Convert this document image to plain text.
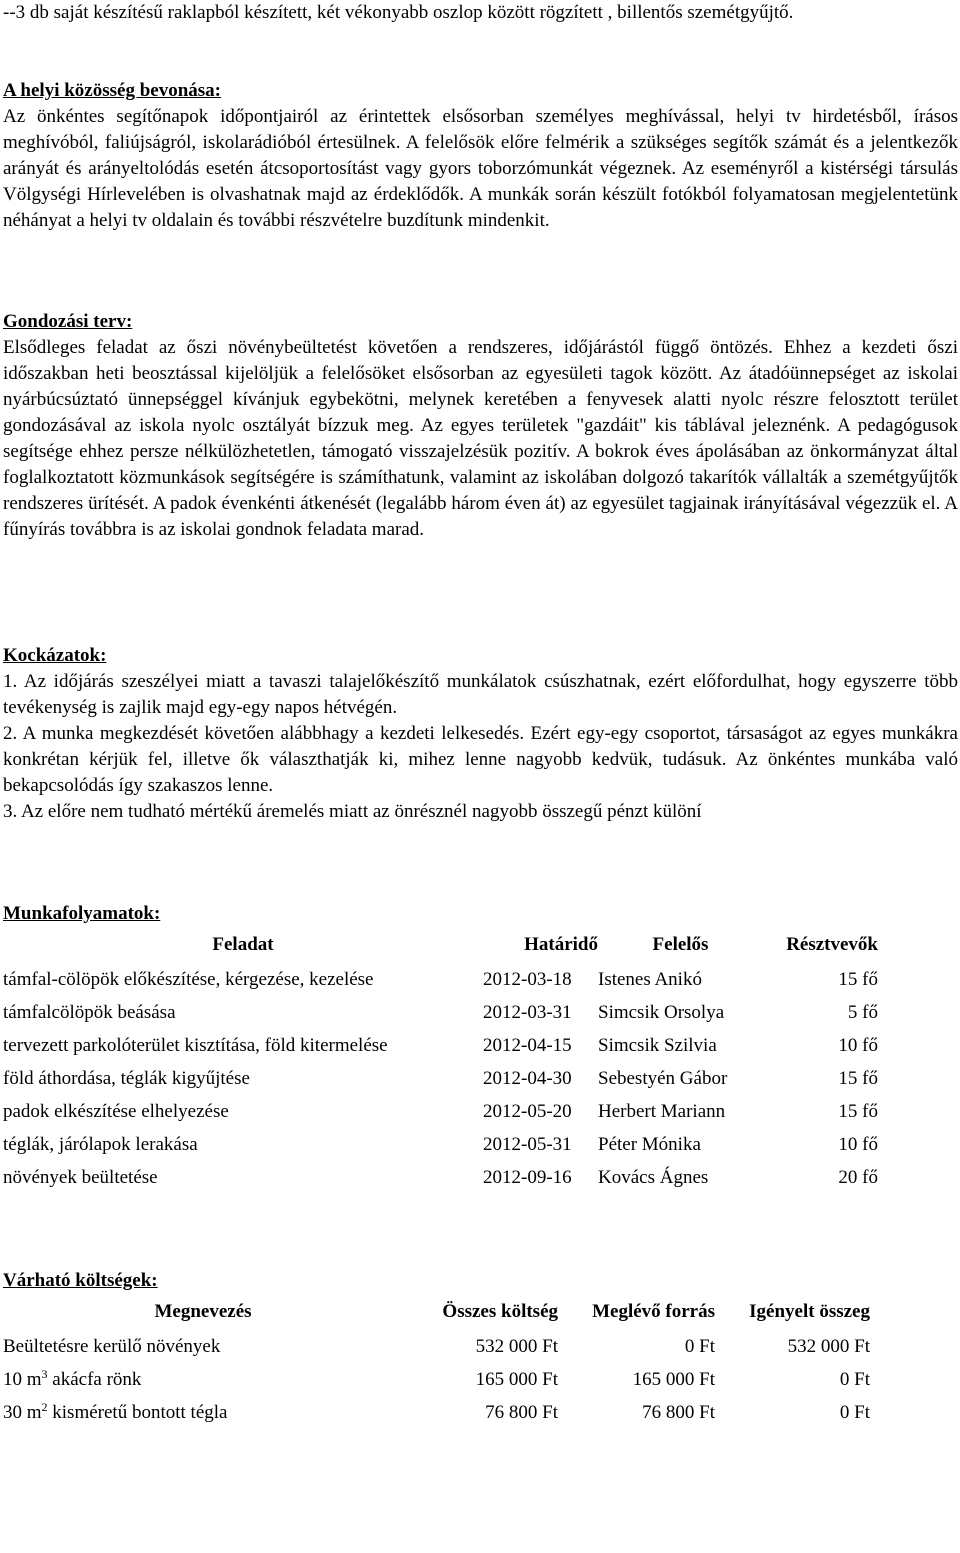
--3 db saját készítésű raklapból készített, két vékonyabb oszlop között rögzített , billentős szemétgyűjtő.

A helyi közösség bevonása:

Az önkéntes segítőnapok időpontjairól az érintettek elsősorban személyes meghívással, helyi tv hirdetésből, írásos meghívóból, faliújságról, iskolarádióból értesülnek. A felelősök előre felmérik a szükséges segítők számát és a jelentkezők arányát és arányeltolódás esetén átcsoportosítást vagy gyors toborzómunkát végeznek. Az eseményről a kistérségi társulás Völgységi Hírlevelében is olvashatnak majd az érdeklődők. A munkák során készült fotókból folyamatosan megjelentetünk néhányat a helyi tv oldalain és további részvételre buzdítunk mindenkit.

Gondozási terv:

Elsődleges feladat az őszi növénybeültetést követően a rendszeres, időjárástól függő öntözés. Ehhez a kezdeti őszi időszakban heti beosztással kijelöljük a felelősöket elsősorban az egyesületi tagok között. Az átadóünnepséget az iskolai nyárbúcsúztató ünnepséggel kívánjuk egybekötni, melynek keretében a fenyvesek alatti nyolc részre felosztott terület gondozásával az iskola nyolc osztályát bízzuk meg. Az egyes területek "gazdáit" kis táblával jeleznénk. A pedagógusok segítsége ehhez persze nélkülözhetetlen, támogató visszajelzésük pozitív. A bokrok éves ápolásában az önkormányzat által foglalkoztatott közmunkások segítségére is számíthatunk, valamint az iskolában dolgozó takarítók vállalták a szemétgyűjtők rendszeres ürítését. A padok évenkénti átkenését (legalább három éven át) az egyesület tagjainak irányításával végezzük el. A fűnyírás továbbra is az iskolai gondnok feladata marad.

Kockázatok:

1. Az időjárás szeszélyei miatt a tavaszi talajelőkészítő munkálatok csúszhatnak, ezért előfordulhat, hogy egyszerre több tevékenység is zajlik majd egy-egy napos hétvégén.

2. A munka megkezdését követően alábbhagy a kezdeti lelkesedés. Ezért egy-egy csoportot, társaságot az egyes munkákra konkrétan kérjük fel, illetve ők választhatják ki, mihez lenne nagyobb kedvük, tudásuk. Az önkéntes munkába való bekapcsolódás így szakaszos lenne.

3. Az előre nem tudható mértékű áremelés miatt az önrésznél nagyobb összegű pénzt különí

Munkafolyamatok:
Feladat	Határidő	Felelős	Résztvevők
támfal-cölöpök előkészítése, kérgezése, kezelése	2012-03-18	Istenes Anikó	15 fő
támfalcölöpök beásása	2012-03-31	Simcsik Orsolya	5 fő
tervezett parkolóterület kisztítása, föld kitermelése	2012-04-15	Simcsik Szilvia	10 fő
föld áthordása, téglák kigyűjtése	2012-04-30	Sebestyén Gábor	15 fő
padok elkészítése elhelyezése	2012-05-20	Herbert Mariann	15 fő
téglák, járólapok lerakása	2012-05-31	Péter Mónika	10 fő
növények beültetése	2012-09-16	Kovács Ágnes	20 fő
Várható költségek:
Megnevezés	Összes költség	Meglévő forrás	Igényelt összeg
Beültetésre kerülő növények	532 000 Ft	0 Ft	532 000 Ft
10 $m^3$ akácfa rönk	165 000 Ft	165 000 Ft	0 Ft
30 $m^2$ kisméretű bontott tégla	76 800 Ft	76 800 Ft	0 Ft
